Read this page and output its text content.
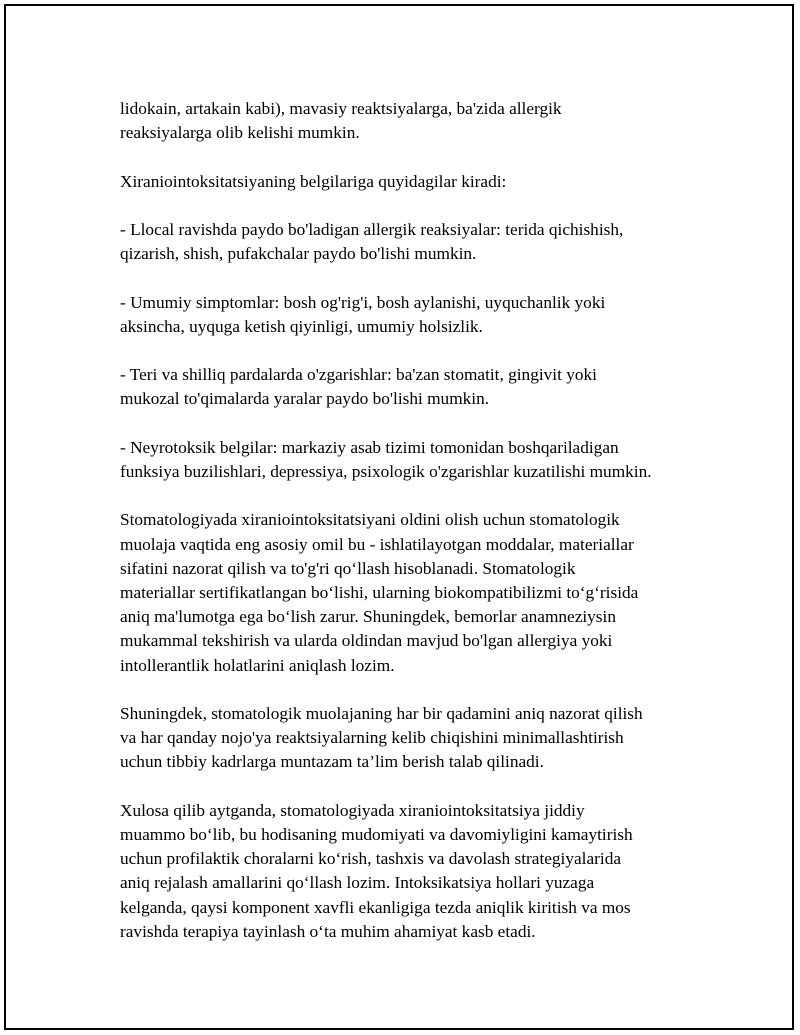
lidokain, artakain kabi), mavasiy reaktsiyalarga, ba'zida allergik
reaksiyalarga olib kelishi mumkin.

Xiraniointoksitatsiyaning belgilariga quyidagilar kiradi:

- Llocal ravishda paydo bo'ladigan allergik reaksiyalar: terida qichishish,
qizarish, shish, pufakchalar paydo bo'lishi mumkin.

- Umumiy simptomlar: bosh og'rig'i, bosh aylanishi, uyquchanlik yoki
aksincha, uyquga ketish qiyinligi, umumiy holsizlik.

- Teri va shilliq pardalarda o'zgarishlar: ba'zan stomatit, gingivit yoki
mukozal to'qimalarda yaralar paydo bo'lishi mumkin.

- Neyrotoksik belgilar: markaziy asab tizimi tomonidan boshqariladigan
funksiya buzilishlari, depressiya, psixologik o'zgarishlar kuzatilishi mumkin.

Stomatologiyada xiraniointoksitatsiyani oldini olish uchun stomatologik
muolaja vaqtida eng asosiy omil bu - ishlatilayotgan moddalar, materiallar
sifatini nazorat qilish va to'g'ri qo‘llash hisoblanadi. Stomatologik
materiallar sertifikatlangan bo‘lishi, ularning biokompatibilizmi to‘g‘risida
aniq ma'lumotga ega bo‘lish zarur. Shuningdek, bemorlar anamneziysin
mukammal tekshirish va ularda oldindan mavjud bo'lgan allergiya yoki
intollerantlik holatlarini aniqlash lozim.

Shuningdek, stomatologik muolajaning har bir qadamini aniq nazorat qilish
va har qanday nojo'ya reaktsiyalarning kelib chiqishini minimallashtirish
uchun tibbiy kadrlarga muntazam ta’lim berish talab qilinadi.

Xulosa qilib aytganda, stomatologiyada xiraniointoksitatsiya jiddiy
muammo bo‘lib, bu hodisaning mudomiyati va davomiyligini kamaytirish
uchun profilaktik choralarni ko‘rish, tashxis va davolash strategiyalarida
aniq rejalash amallarini qo‘llash lozim. Intoksikatsiya hollari yuzaga
kelganda, qaysi komponent xavfli ekanligiga tezda aniqlik kiritish va mos
ravishda terapiya tayinlash o‘ta muhim ahamiyat kasb etadi.
